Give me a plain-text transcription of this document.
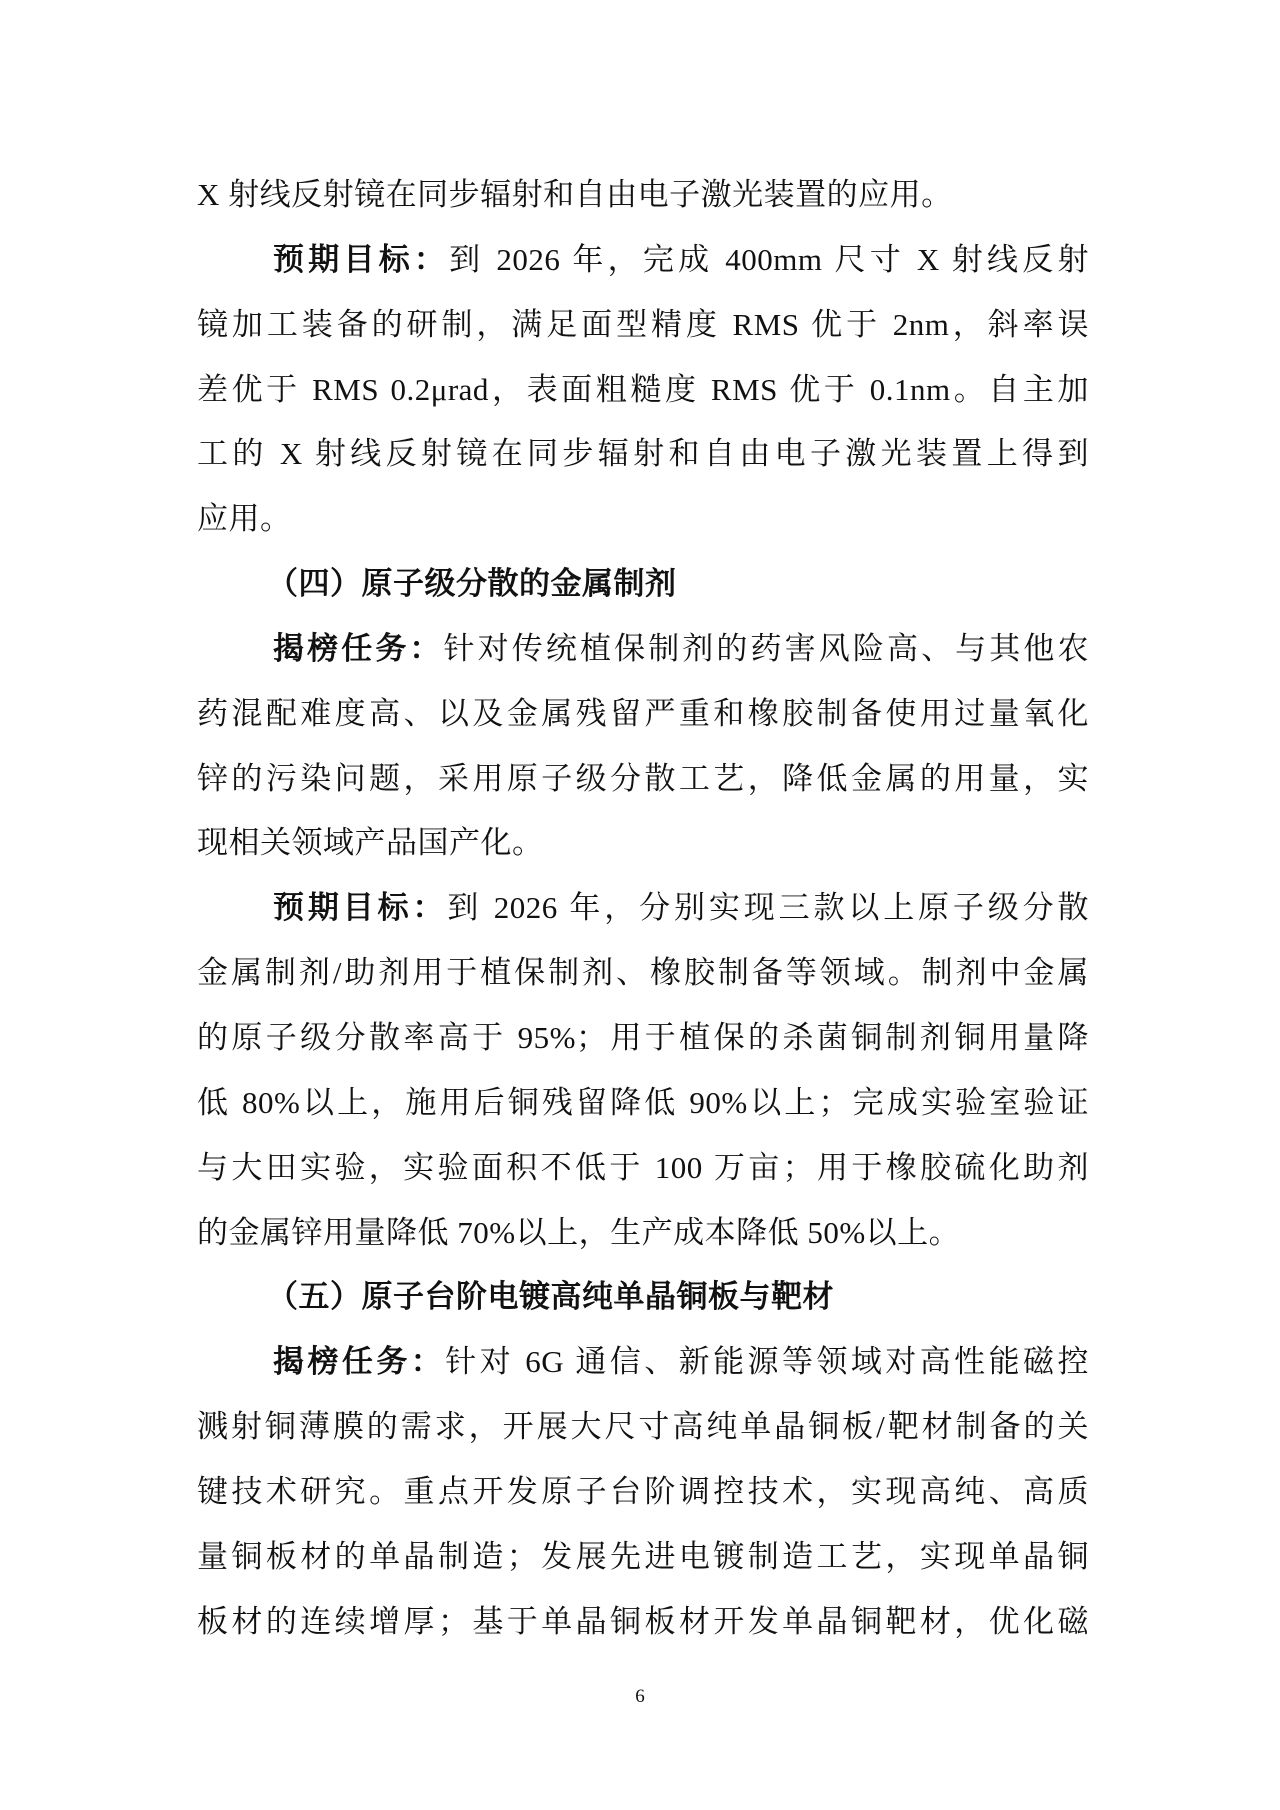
X 射线反射镜在同步辐射和自由电子激光装置的应用。
预期目标：到 2026 年，完成 400mm 尺寸 X 射线反射
镜加工装备的研制，满足面型精度 RMS 优于 2nm，斜率误
差优于 RMS 0.2μrad，表面粗糙度 RMS 优于 0.1nm。自主加
工的 X 射线反射镜在同步辐射和自由电子激光装置上得到
应用。
（四）原子级分散的金属制剂
揭榜任务：针对传统植保制剂的药害风险高、与其他农
药混配难度高、以及金属残留严重和橡胶制备使用过量氧化
锌的污染问题，采用原子级分散工艺，降低金属的用量，实
现相关领域产品国产化。
预期目标：到 2026 年，分别实现三款以上原子级分散
金属制剂/助剂用于植保制剂、橡胶制备等领域。制剂中金属
的原子级分散率高于 95%；用于植保的杀菌铜制剂铜用量降
低 80%以上，施用后铜残留降低 90%以上；完成实验室验证
与大田实验，实验面积不低于 100 万亩；用于橡胶硫化助剂
的金属锌用量降低 70%以上，生产成本降低 50%以上。
（五）原子台阶电镀高纯单晶铜板与靶材
揭榜任务：针对 6G 通信、新能源等领域对高性能磁控
溅射铜薄膜的需求，开展大尺寸高纯单晶铜板/靶材制备的关
键技术研究。重点开发原子台阶调控技术，实现高纯、高质
量铜板材的单晶制造；发展先进电镀制造工艺，实现单晶铜
板材的连续增厚；基于单晶铜板材开发单晶铜靶材，优化磁
6
